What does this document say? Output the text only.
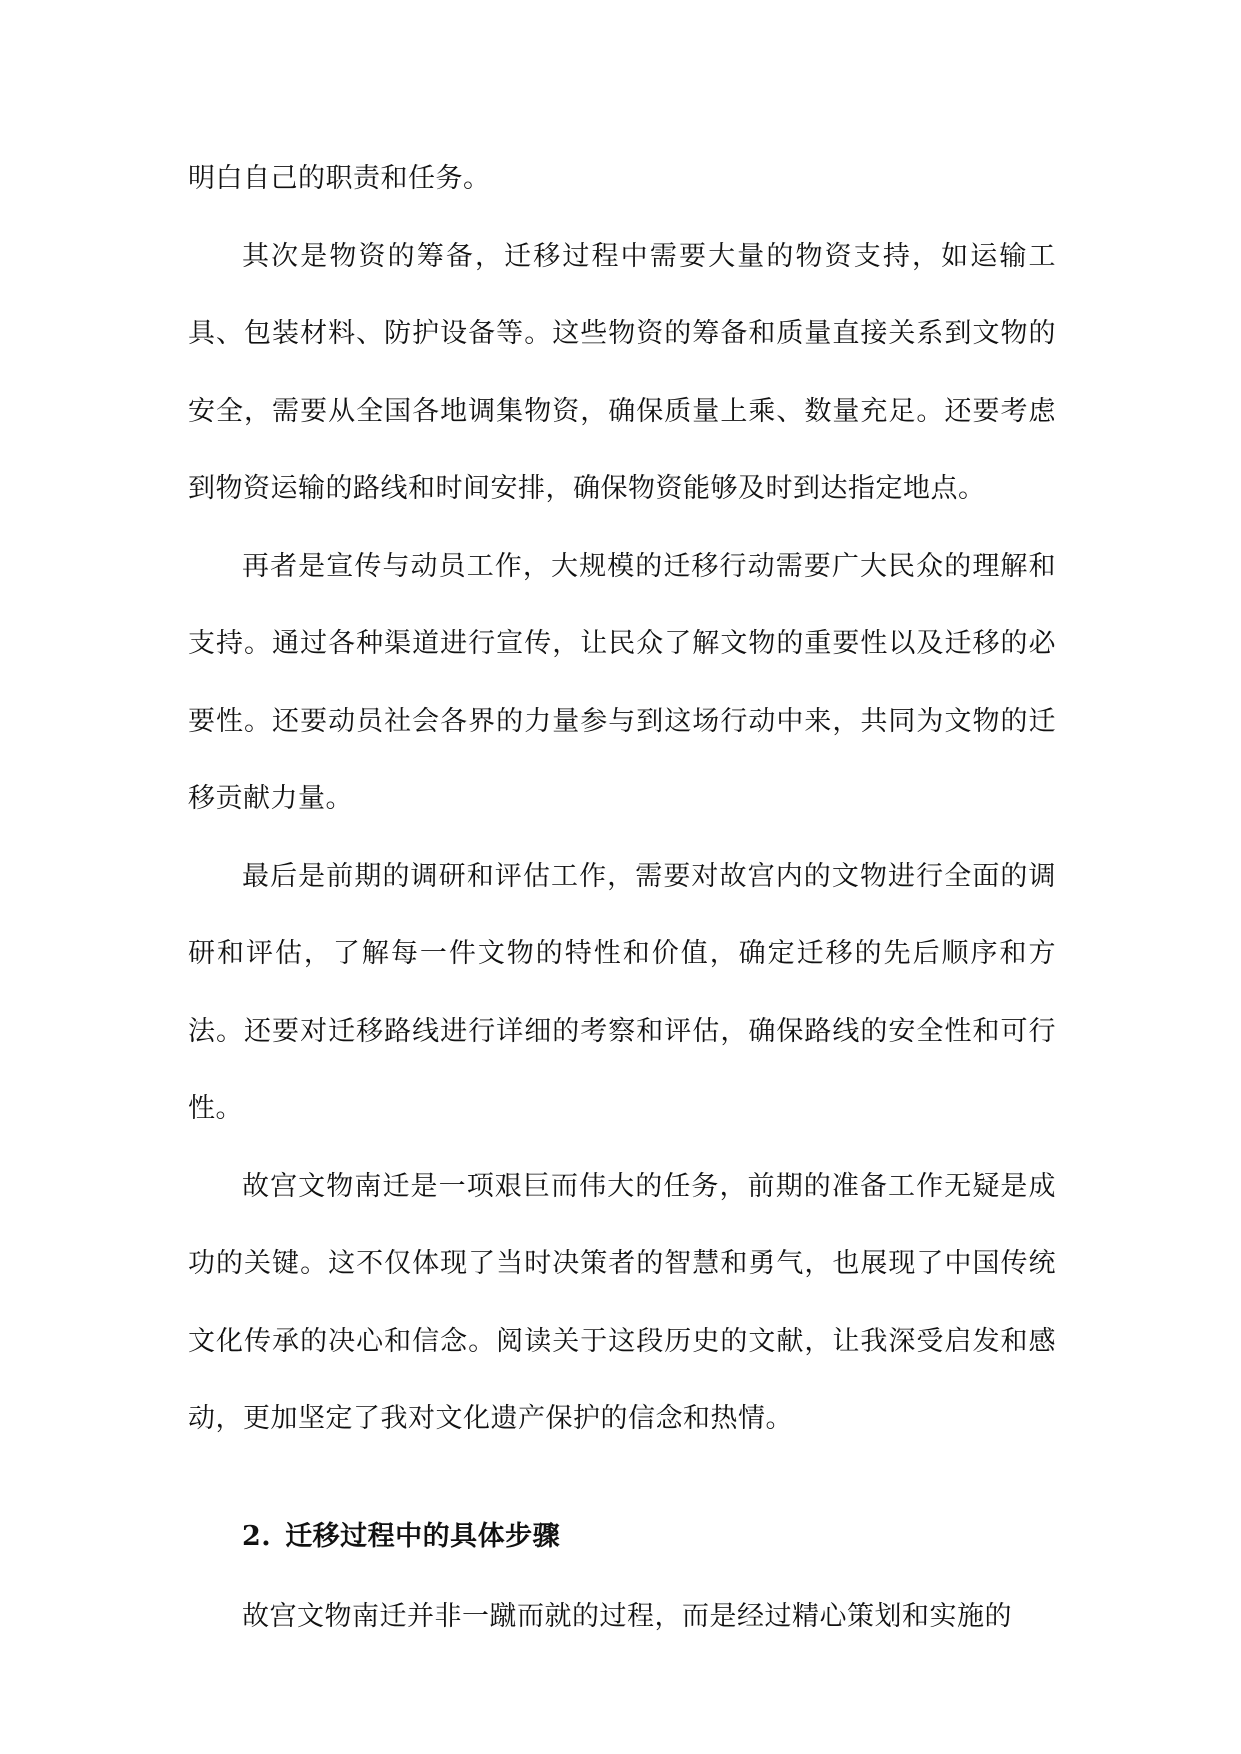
明白自己的职责和任务。

其次是物资的筹备，迁移过程中需要大量的物资支持，如运输工具、包装材料、防护设备等。这些物资的筹备和质量直接关系到文物的安全，需要从全国各地调集物资，确保质量上乘、数量充足。还要考虑到物资运输的路线和时间安排，确保物资能够及时到达指定地点。

再者是宣传与动员工作，大规模的迁移行动需要广大民众的理解和支持。通过各种渠道进行宣传，让民众了解文物的重要性以及迁移的必要性。还要动员社会各界的力量参与到这场行动中来，共同为文物的迁移贡献力量。

最后是前期的调研和评估工作，需要对故宫内的文物进行全面的调研和评估，了解每一件文物的特性和价值，确定迁移的先后顺序和方法。还要对迁移路线进行详细的考察和评估，确保路线的安全性和可行性。

故宫文物南迁是一项艰巨而伟大的任务，前期的准备工作无疑是成功的关键。这不仅体现了当时决策者的智慧和勇气，也展现了中国传统文化传承的决心和信念。阅读关于这段历史的文献，让我深受启发和感动，更加坚定了我对文化遗产保护的信念和热情。

2. 迁移过程中的具体步骤

故宫文物南迁并非一蹴而就的过程，而是经过精心策划和实施的
